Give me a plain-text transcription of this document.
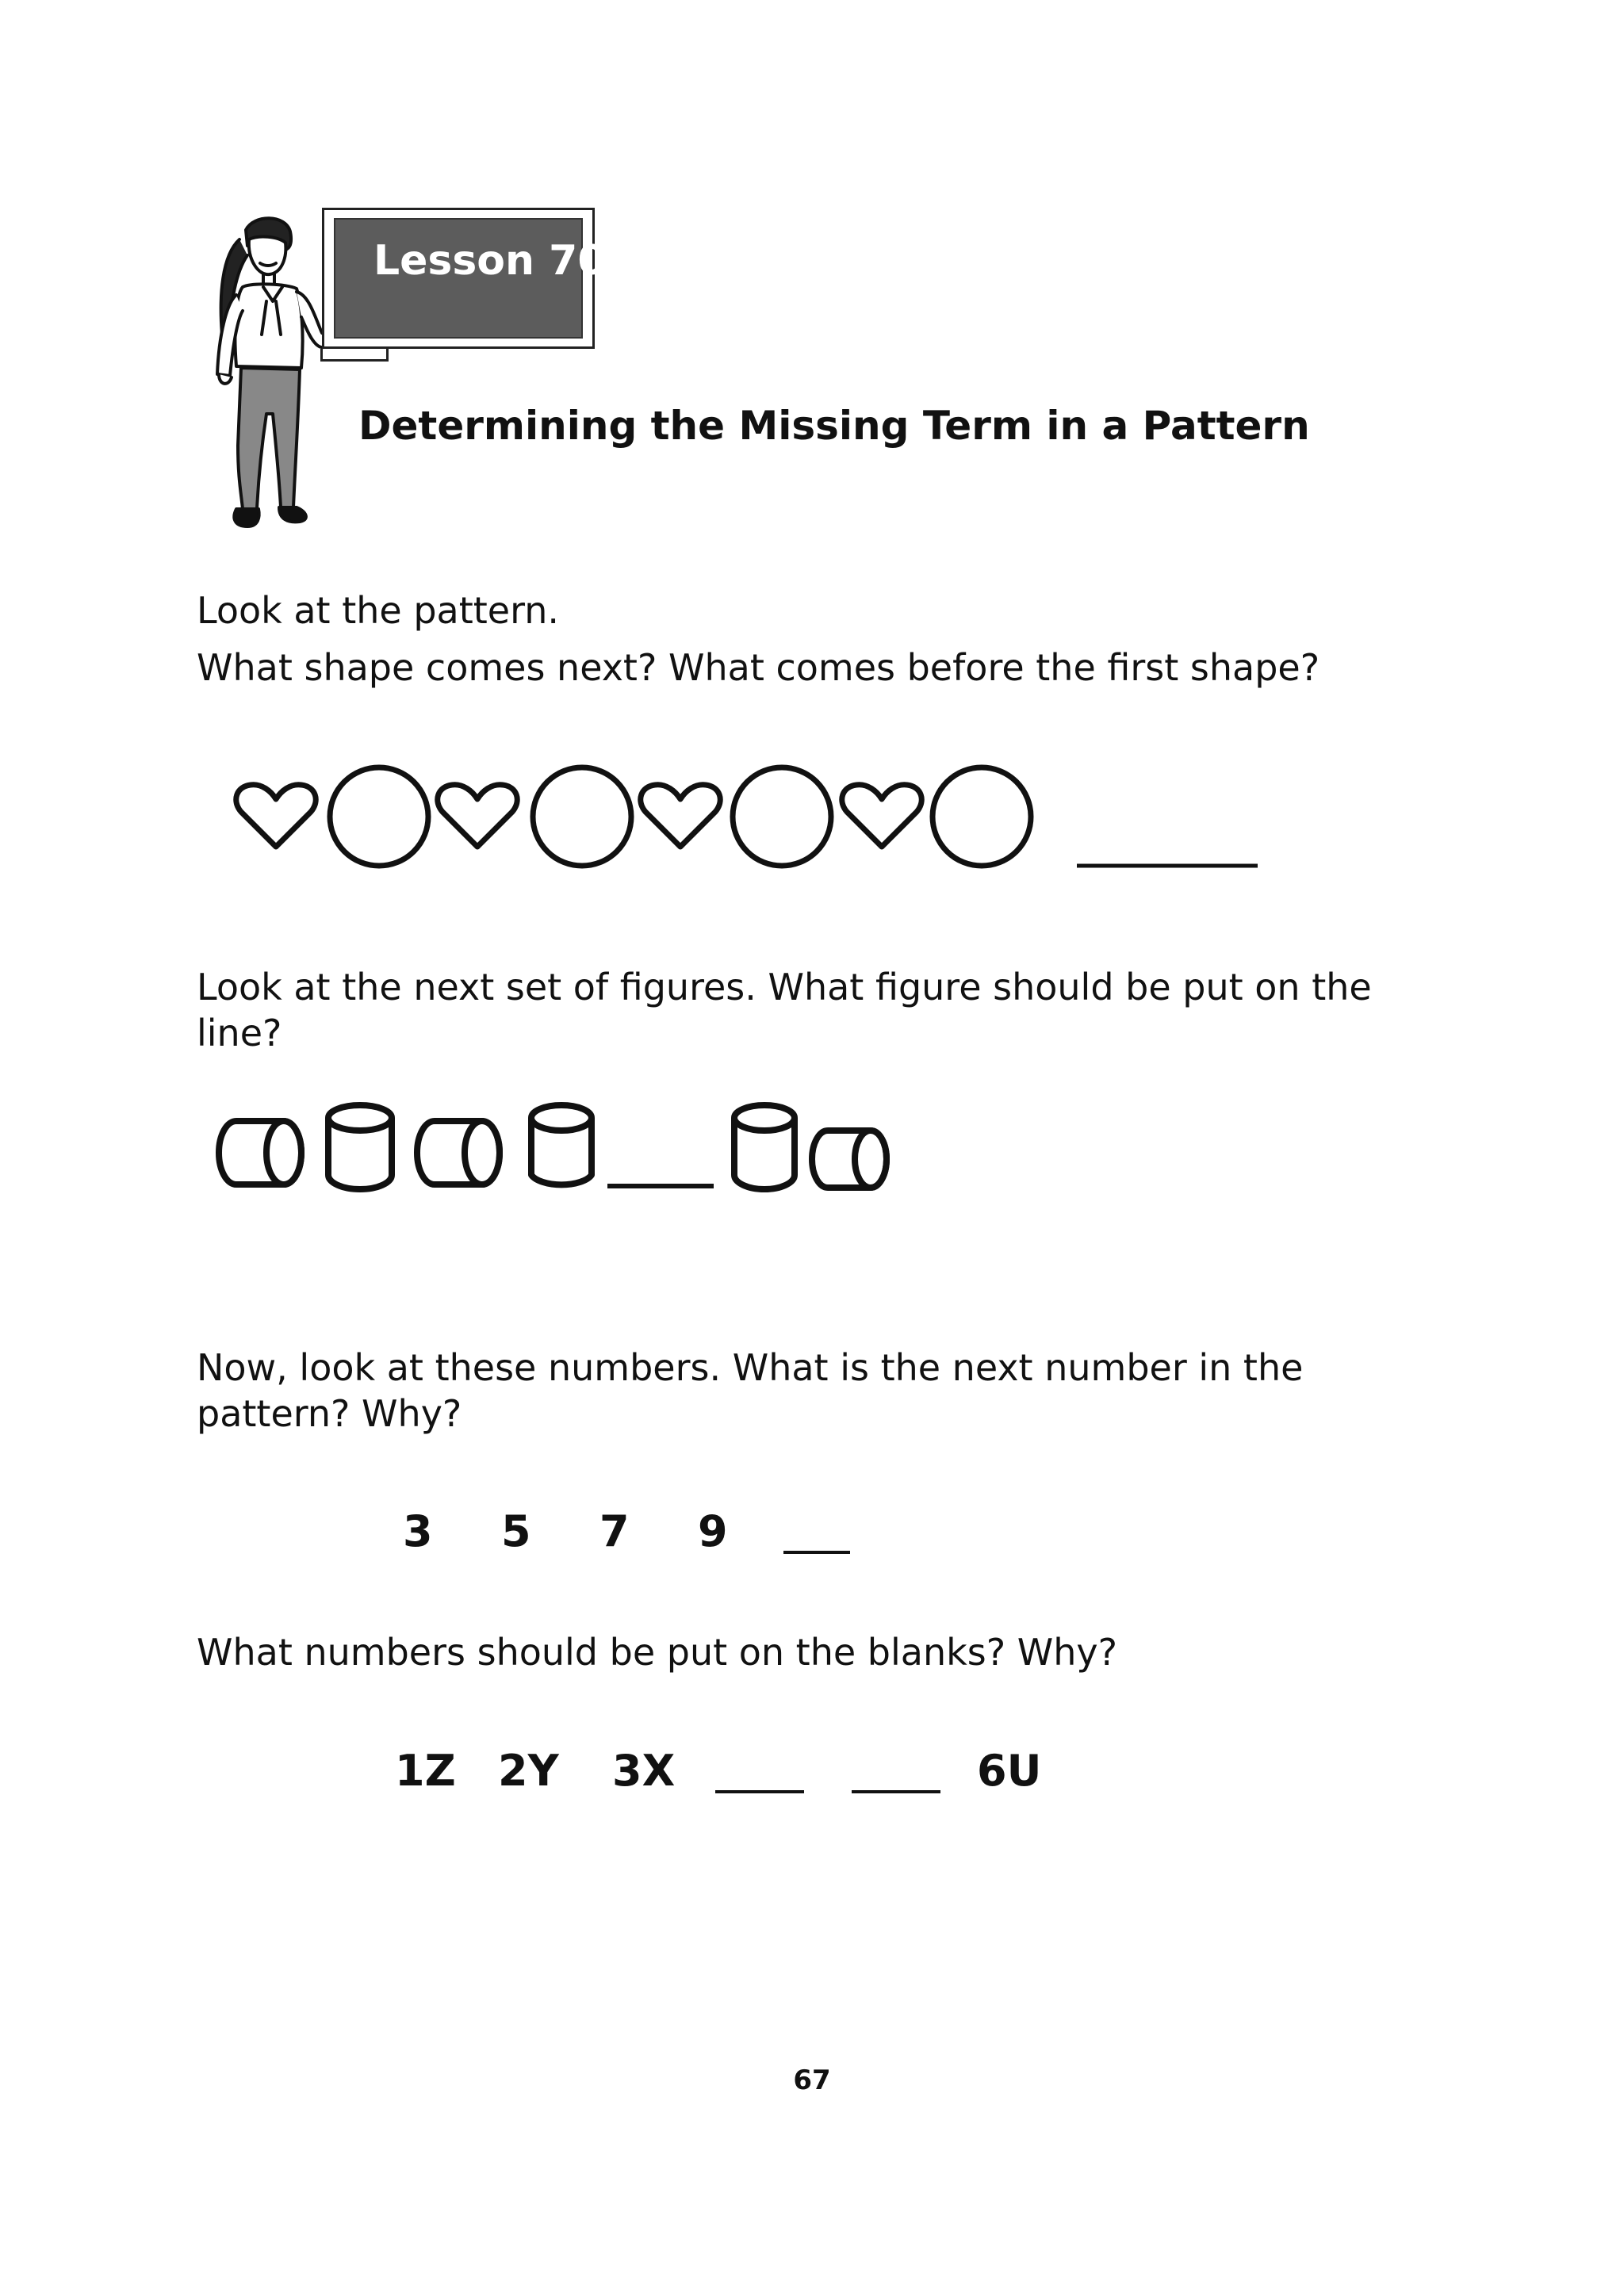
Lesson 70
Determining the Missing Term in a Pattern
Look at the pattern.
What shape comes next? What comes before the first shape?
Look at the next set of figures. What figure should be put on the line?
Now, look at these numbers. What is the next number in the pattern? Why?
3 5 7 9
What numbers should be put on the blanks? Why?
1Z 2Y 3X	6U
67
